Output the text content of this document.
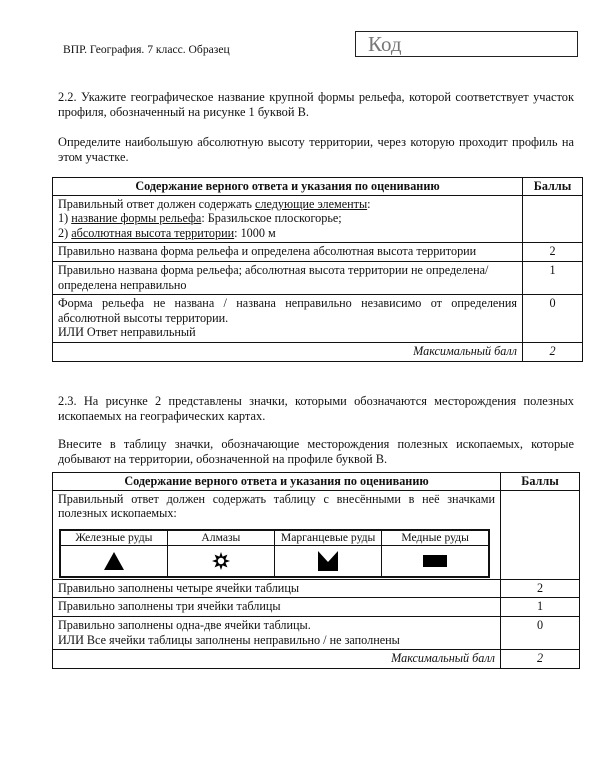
ВПР. География. 7 класс. Образец	Код
2.2. Укажите географическое название крупной формы рельефа, которой соответствует участок профиля, обозначенный на рисунке 1 буквой В.
Определите наибольшую абсолютную высоту территории, через которую проходит профиль на этом участке.
Содержание верного ответа и указания по оцениванию	Баллы
Правильный ответ должен содержать следующие элементы:
1) название формы рельефа: Бразильское плоскогорье;
2) абсолютная высота территории: 1000 м	
Правильно названа форма рельефа и определена абсолютная высота территории	2
Правильно названа форма рельефа; абсолютная высота территории не определена/ определена неправильно	1

Форма рельефа не названа / названа неправильно независимо от определения абсолютной высоты территории.
ИЛИ Ответ неправильный	0
Максимальный балл	2
2.3. На рисунке 2 представлены значки, которыми обозначаются месторождения полезных ископаемых на географических картах.
Внесите в таблицу значки, обозначающие месторождения полезных ископаемых, которые добывают на территории, обозначенной на профиле буквой В.
Содержание верного ответа и указания по оцениванию	Баллы

Правильный ответ должен содержать таблицу с внесёнными в неё значками полезных ископаемых:
Железные руды	Алмазы	Марганцевые руды	Медные руды

Правильно заполнены четыре ячейки таблицы	2
Правильно заполнены три ячейки таблицы	1

Правильно заполнены одна-две ячейки таблицы.
ИЛИ Все ячейки таблицы заполнены неправильно / не заполнены
	0
Максимальный балл	2
